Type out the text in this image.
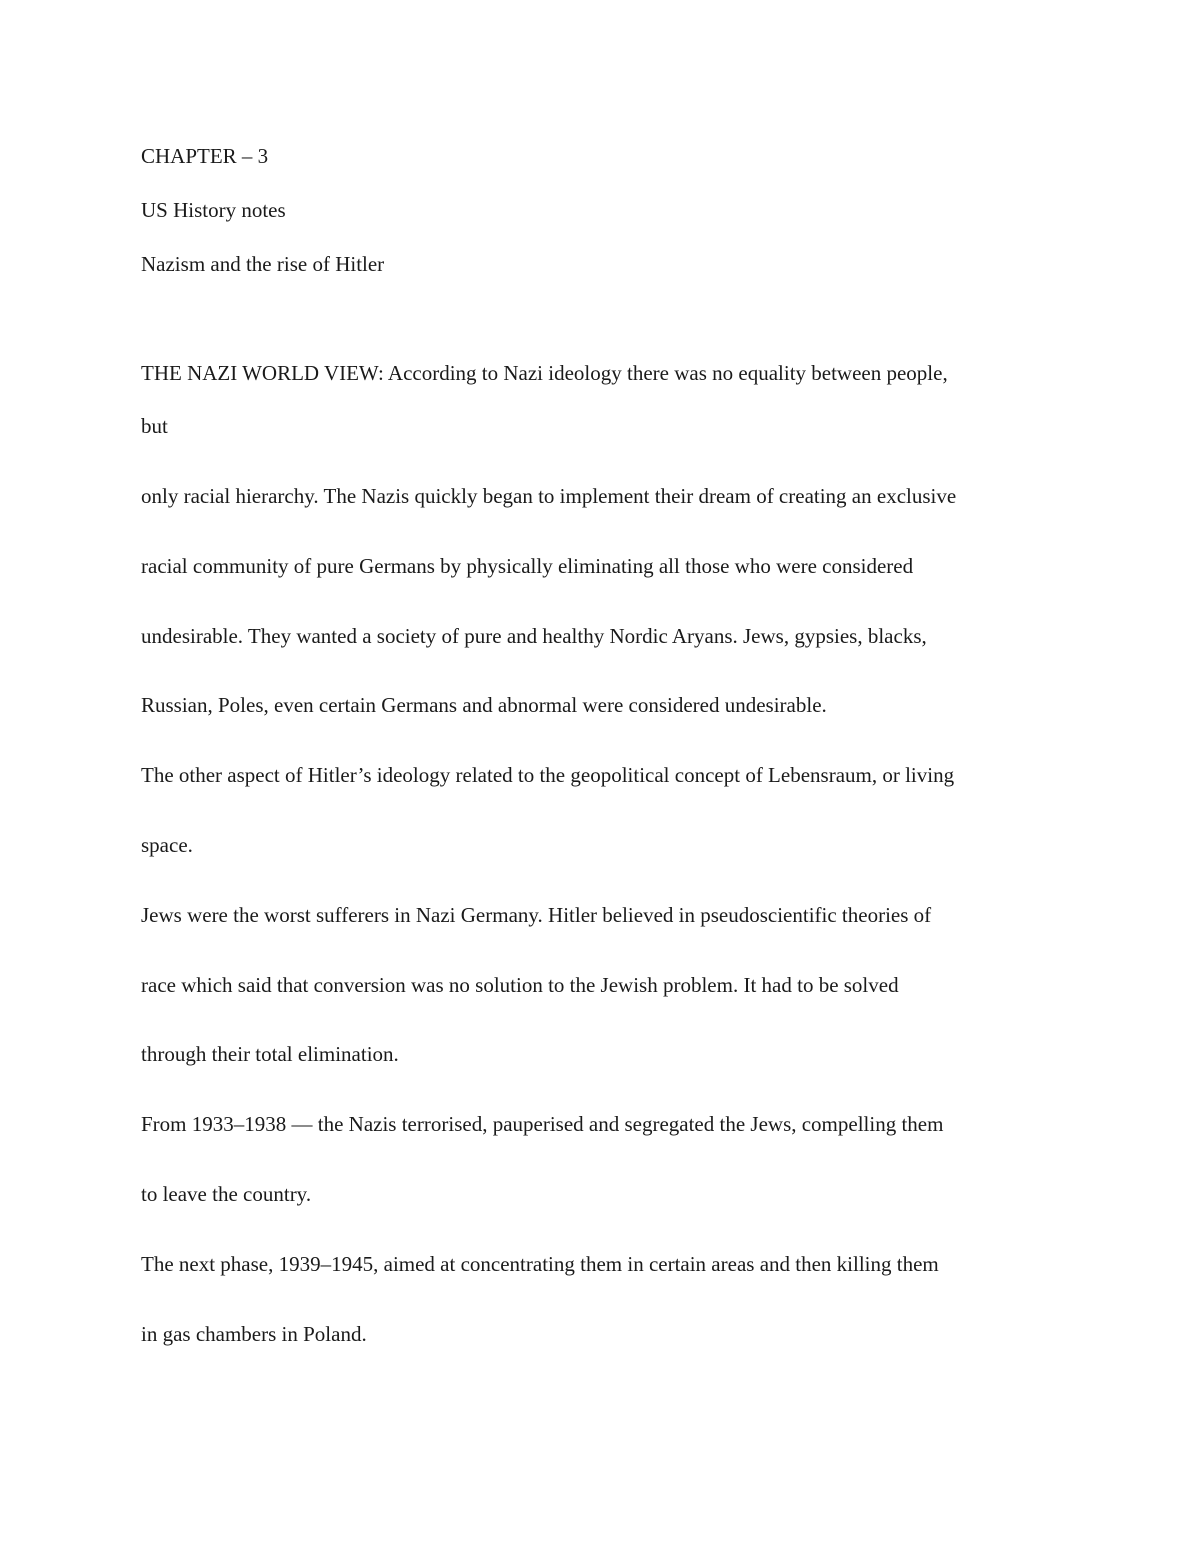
CHAPTER – 3

US History notes

Nazism and the rise of Hitler

THE NAZI WORLD VIEW: According to Nazi ideology there was no equality between people,

but

only racial hierarchy. The Nazis quickly began to implement their dream of creating an exclusive

racial community of pure Germans by physically eliminating all those who were considered

undesirable. They wanted a society of pure and healthy Nordic Aryans. Jews, gypsies, blacks,

Russian, Poles, even certain Germans and abnormal were considered undesirable.

The other aspect of Hitler’s ideology related to the geopolitical concept of Lebensraum, or living

space.

Jews were the worst sufferers in Nazi Germany. Hitler believed in pseudoscientific theories of

race which said that conversion was no solution to the Jewish problem. It had to be solved

through their total elimination.

From 1933–1938 — the Nazis terrorised, pauperised and segregated the Jews, compelling them

to leave the country.

The next phase, 1939–1945, aimed at concentrating them in certain areas and then killing them

in gas chambers in Poland.
